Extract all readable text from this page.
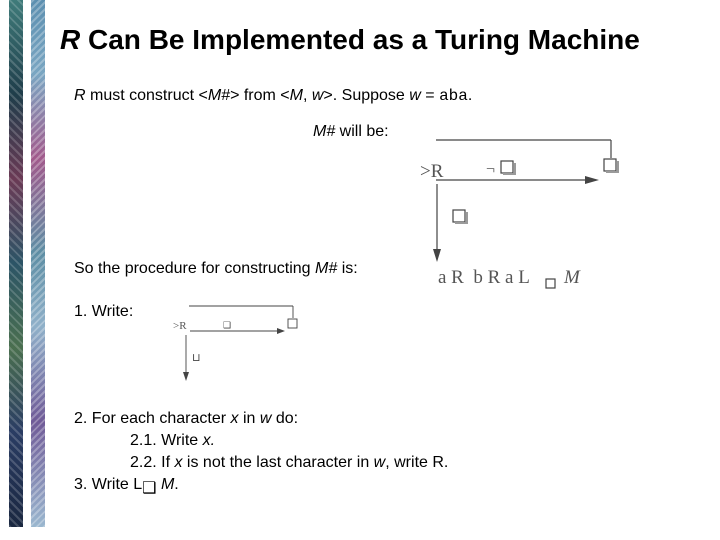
R Can Be Implemented as a Turing Machine
R must construct <M#> from <M, w>. Suppose w = aba.
M# will be:
>R	¬
a R  b R a L M
>R	❑
⊔
So the procedure for constructing M# is:
1. Write:
2. For each character x in w do:
2.1. Write x.
2.2. If x is not the last character in w, write R.
3. Write L❑ M.
